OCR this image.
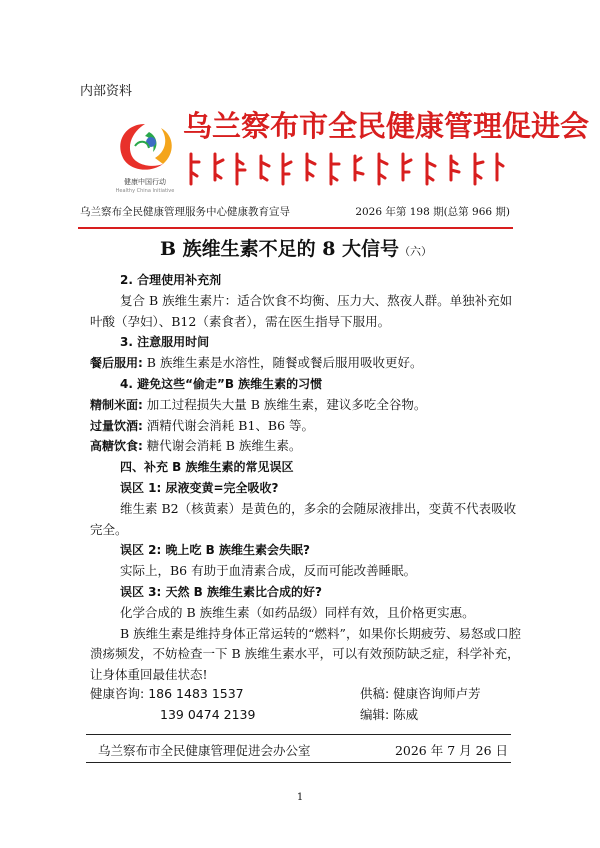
内部资料
健康中国行动
Healthy China Initiative
乌兰察布市全民健康管理促进会
乌兰察布全民健康管理服务中心健康教育宣导	2026 年第 198 期(总第 966 期)
B 族维生素不足的 8 大信号（六）

2. 合理使用补充剂

复合 B 族维生素片：适合饮食不均衡、压力大、熬夜人群。单独补充如叶酸（孕妇）、B12（素食者），需在医生指导下服用。

3. 注意服用时间

餐后服用: B 族维生素是水溶性，随餐或餐后服用吸收更好。

4. 避免这些“偷走”B 族维生素的习惯

精制米面: 加工过程损失大量 B 族维生素，建议多吃全谷物。

过量饮酒: 酒精代谢会消耗 B1、B6 等。

高糖饮食: 糖代谢会消耗 B 族维生素。

四、补充 B 族维生素的常见误区

误区 1: 尿液变黄=完全吸收?

维生素 B2（核黄素）是黄色的，多余的会随尿液排出，变黄不代表吸收完全。

误区 2: 晚上吃 B 族维生素会失眠?

实际上，B6 有助于血清素合成，反而可能改善睡眠。

误区 3: 天然 B 族维生素比合成的好?

化学合成的 B 族维生素（如药品级）同样有效，且价格更实惠。

B 族维生素是维持身体正常运转的“燃料”，如果你长期疲劳、易怒或口腔溃疡频发，不妨检查一下 B 族维生素水平，可以有效预防缺乏症，科学补充，让身体重回最佳状态!

健康咨询: 186 1483 1537	供稿: 健康咨询师卢芳
139 0474 2139	编辑: 陈威
乌兰察布市全民健康管理促进会办公室	2026 年 7 月 26 日
1
